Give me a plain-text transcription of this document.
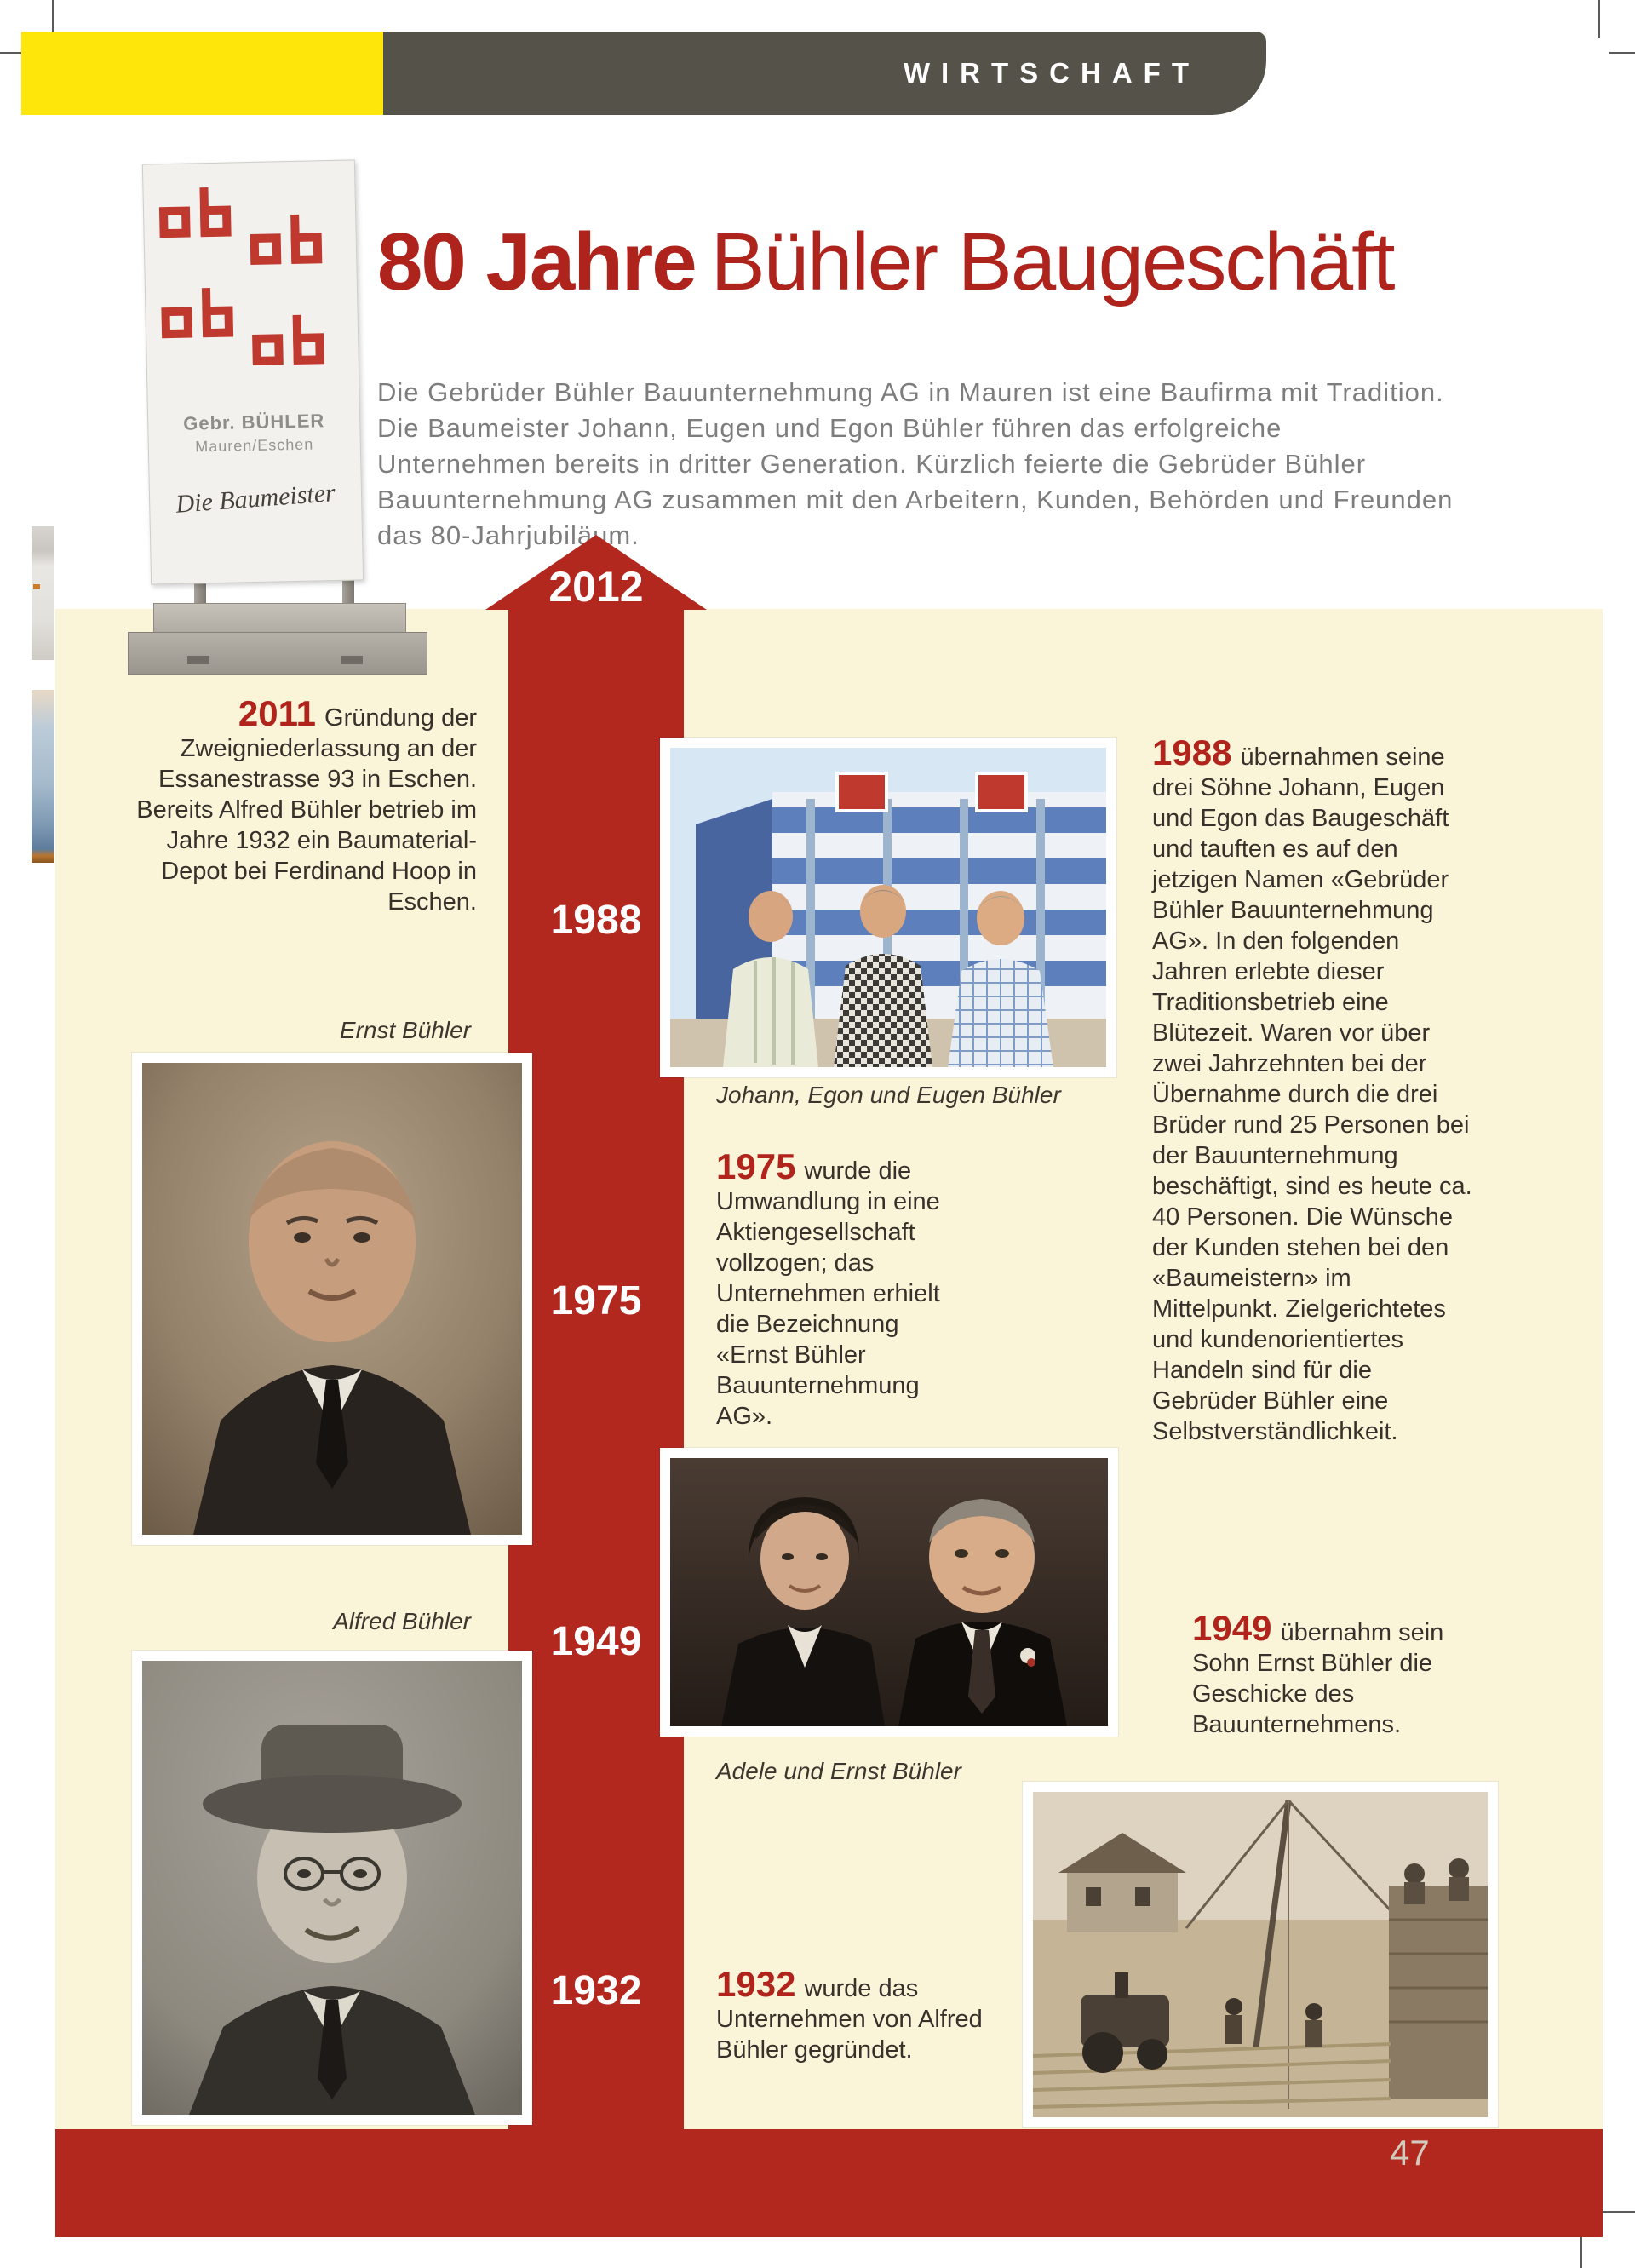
WIRTSCHAFT
80 Jahre Bühler Baugeschäft
Die Gebrüder Bühler Bauunternehmung AG in Mauren ist eine Baufirma mit Tradition. Die Baumeister Johann, Eugen und Egon Bühler führen das erfolgreiche Unternehmen bereits in dritter Generation. Kürzlich feierte die Gebrüder Bühler Bauunternehmung AG zusammen mit den Arbeitern, Kunden, Behörden und Freunden das 80-Jahrjubiläum.
2012
1988
1975
1949
1932
Gebr. BÜHLER
Mauren/Eschen
Die Baumeister
2011 Gründung der Zweigniederlassung an der Essanestrasse 93 in Eschen. Bereits Alfred Bühler betrieb im Jahre 1932 ein Baumaterial-Depot bei Ferdinand Hoop in Eschen.
Ernst Bühler
Alfred Bühler
Johann, Egon und Eugen Bühler
Adele und Ernst Bühler
1975 wurde die Umwandlung in eine Aktiengesellschaft vollzogen; das Unternehmen erhielt die Bezeichnung «Ernst Bühler Bauunternehmung AG».
1988 übernahmen seine drei Söhne Johann, Eugen und Egon das Baugeschäft und tauften es auf den jetzigen Namen «Gebrüder Bühler Bauunternehmung AG». In den folgenden Jahren erlebte dieser Traditionsbetrieb eine Blütezeit. Waren vor über zwei Jahrzehnten bei der Übernahme durch die drei Brüder rund 25 Personen bei der Bauunternehmung beschäftigt, sind es heute ca. 40 Personen. Die Wünsche der Kunden stehen bei den «Baumeistern» im Mittelpunkt. Zielgerichtetes und kundenorientiertes Handeln sind für die Gebrüder Bühler eine Selbstverständlichkeit.
1949 übernahm sein Sohn Ernst Bühler die Geschicke des Bauunternehmens.
1932 wurde das Unternehmen von Alfred Bühler gegründet.
47
